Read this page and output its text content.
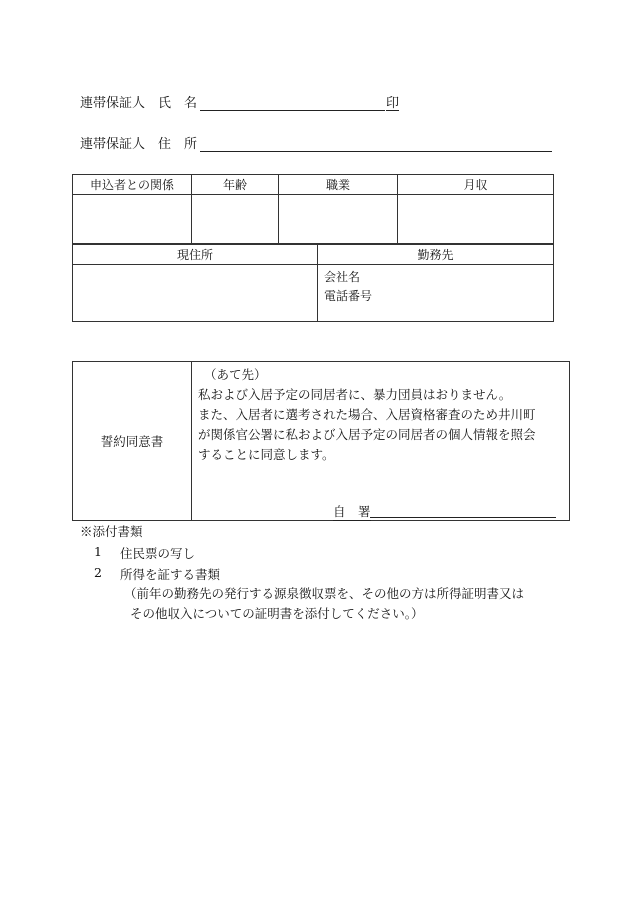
連帯保証人　氏　名	印
連帯保証人　住　所
申込者との関係	年齢	職業	月収

現住所	勤務先

	会社名
電話番号
誓約同意書	
（あて先）
私および入居予定の同居者に、暴力団員はおりません。
また、入居者に選考された場合、入居資格審査のため井川町
が関係官公署に私および入居予定の同居者の個人情報を照会
することに同意します。
自　署
※添付書類
1 住民票の写し
2 所得を証する書類
（前年の勤務先の発行する源泉徴収票を、その他の方は所得証明書又は
その他収入についての証明書を添付してください。）
